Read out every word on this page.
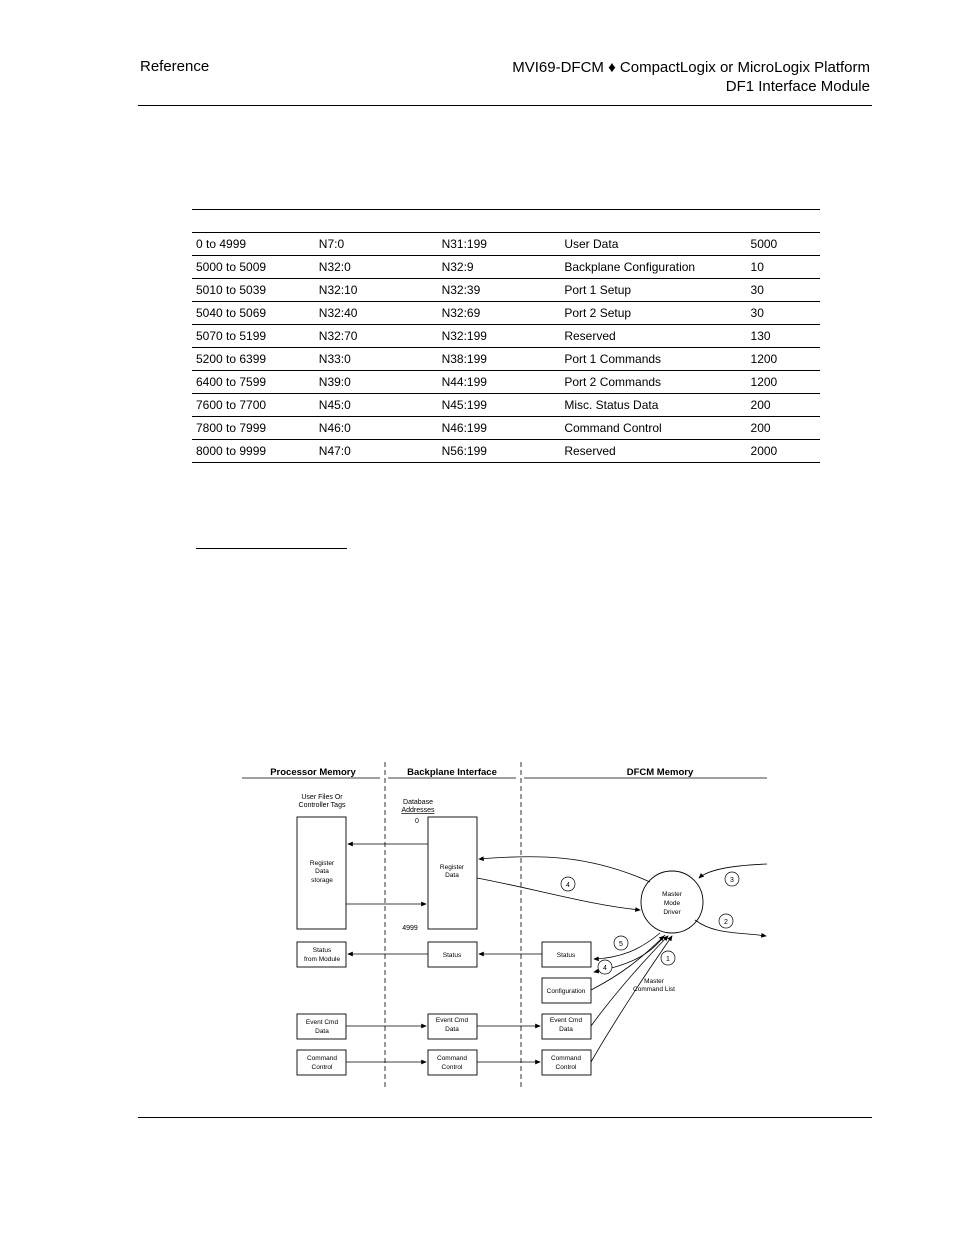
Reference	MVI69-DFCM ♦ CompactLogix or MicroLogix Platform
DF1 Interface Module

0 to 4999	N7:0	N31:199	User Data	5000
5000 to 5009	N32:0	N32:9	Backplane Configuration	10
5010 to 5039	N32:10	N32:39	Port 1 Setup	30
5040 to 5069	N32:40	N32:69	Port 2 Setup	30
5070 to 5199	N32:70	N32:199	Reserved	130
5200 to 6399	N33:0	N38:199	Port 1 Commands	1200
6400 to 7599	N39:0	N44:199	Port 2 Commands	1200
7600 to 7700	N45:0	N45:199	Misc. Status Data	200
7800 to 7999	N46:0	N46:199	Command Control	200
8000 to 9999	N47:0	N56:199	Reserved	2000
Processor Memory	Backplane Interface	DFCM Memory
User Files Or
Controller Tags	Database
Addresses
0
4999
Register
Data
storage
Register
Data
Status
from Module
Status	Status
Configuration
Event Cmd
Data
Event Cmd
Data
Event Cmd
Data
Command
Control
Command
Control
Command
Control
Master
Mode
Driver
Master
Command List
4
3
2
5
4
1
